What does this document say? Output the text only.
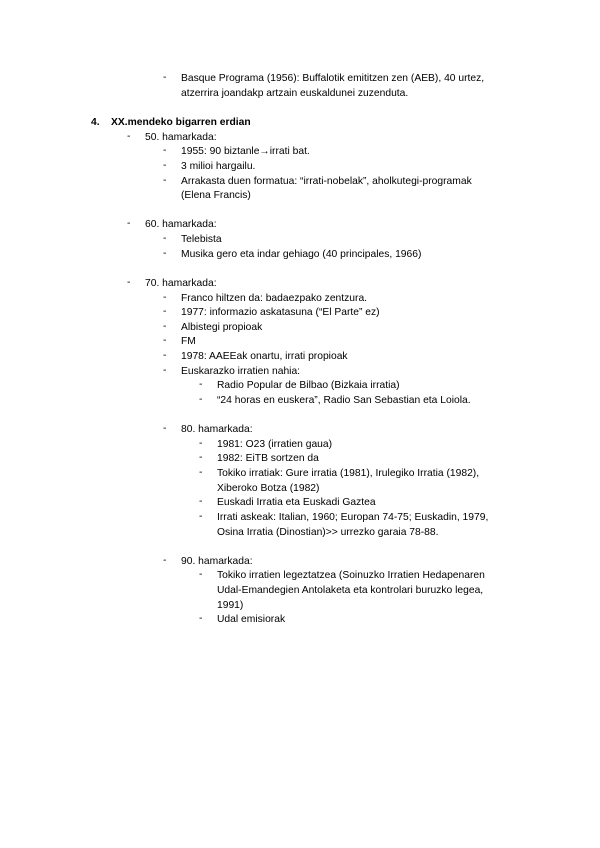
- Basque Programa (1956): Buffalotik emititzen zen (AEB), 40 urtez,
atzerrira joandakp artzain euskaldunei zuzenduta.
4. XX.mendeko bigarren erdian
- 50. hamarkada:
- 1955: 90 biztanle→irrati bat.
- 3 milioi hargailu.
- Arrakasta duen formatua: “irrati-nobelak”, aholkutegi-programak
(Elena Francis)
- 60. hamarkada:
- Telebista
- Musika gero eta indar gehiago (40 principales, 1966)
- 70. hamarkada:
- Franco hiltzen da: badaezpako zentzura.
- 1977: informazio askatasuna (“El Parte” ez)
- Albistegi propioak
- FM
- 1978: AAEEak onartu, irrati propioak
- Euskarazko irratien nahia:
- Radio Popular de Bilbao (Bizkaia irratia)
- “24 horas en euskera”, Radio San Sebastian eta Loiola.
- 80. hamarkada:
- 1981: O23 (irratien gaua)
- 1982: EiTB sortzen da
- Tokiko irratiak: Gure irratia (1981), Irulegiko Irratia (1982),
Xiberoko Botza (1982)
- Euskadi Irratia eta Euskadi Gaztea
- Irrati askeak: Italian, 1960; Europan 74-75; Euskadin, 1979,
Osina Irratia (Dinostian)>> urrezko garaia 78-88.
- 90. hamarkada:
- Tokiko irratien legeztatzea (Soinuzko Irratien Hedapenaren
Udal-Emandegien Antolaketa eta kontrolari buruzko legea,
1991)
- Udal emisiorak
